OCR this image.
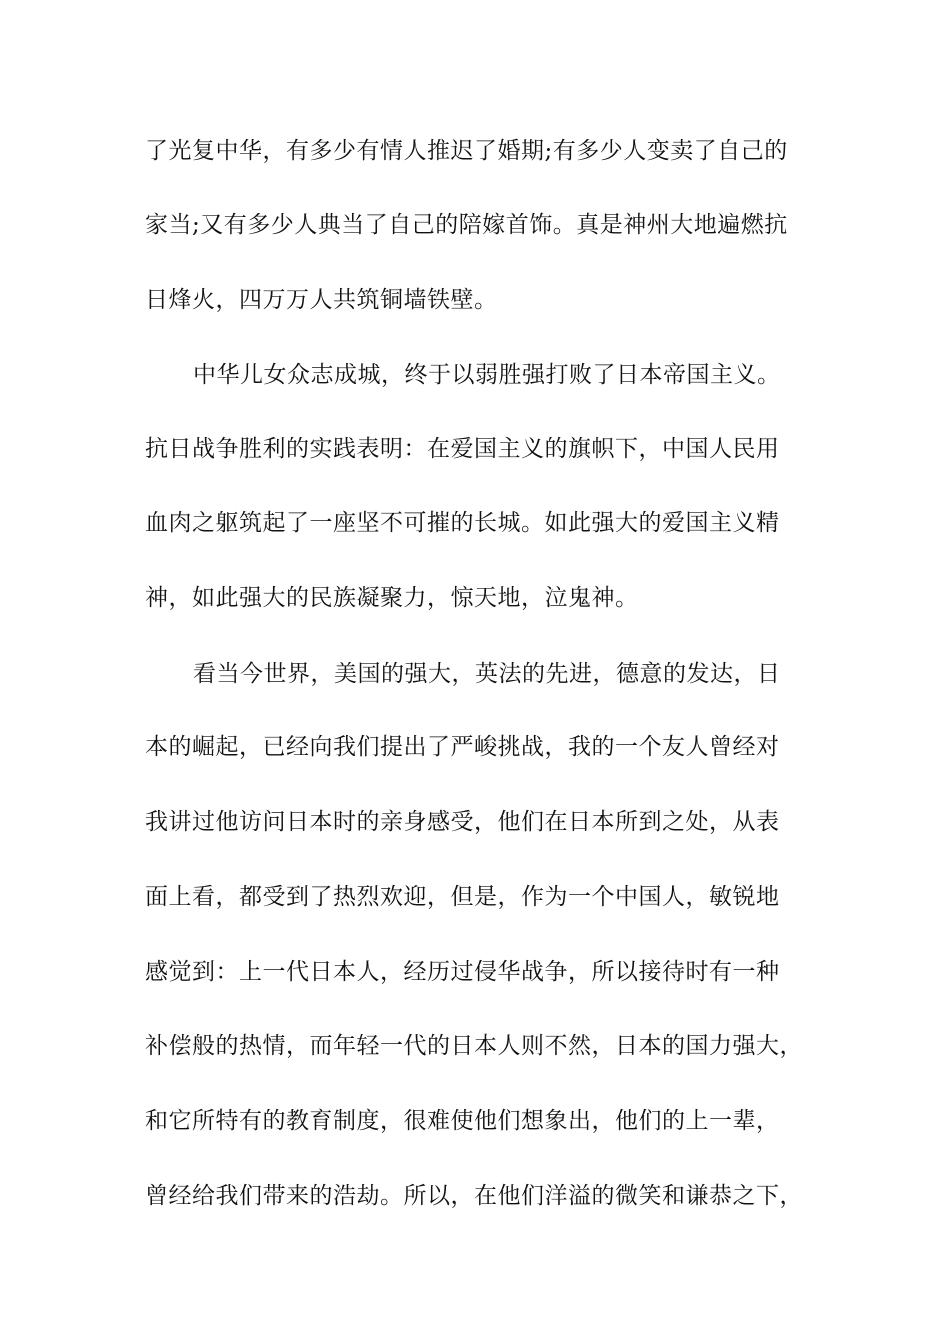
了光复中华，有多少有情人推迟了婚期;有多少人变卖了自己的
家当;又有多少人典当了自己的陪嫁首饰。真是神州大地遍燃抗
日烽火，四万万人共筑铜墙铁壁。
中华儿女众志成城，终于以弱胜强打败了日本帝国主义。
抗日战争胜利的实践表明：在爱国主义的旗帜下，中国人民用
血肉之躯筑起了一座坚不可摧的长城。如此强大的爱国主义精
神，如此强大的民族凝聚力，惊天地，泣鬼神。
看当今世界，美国的强大，英法的先进，德意的发达，日
本的崛起，已经向我们提出了严峻挑战，我的一个友人曾经对
我讲过他访问日本时的亲身感受，他们在日本所到之处，从表
面上看，都受到了热烈欢迎，但是，作为一个中国人，敏锐地
感觉到：上一代日本人，经历过侵华战争，所以接待时有一种
补偿般的热情，而年轻一代的日本人则不然，日本的国力强大，
和它所特有的教育制度，很难使他们想象出，他们的上一辈，
曾经给我们带来的浩劫。所以，在他们洋溢的微笑和谦恭之下，
